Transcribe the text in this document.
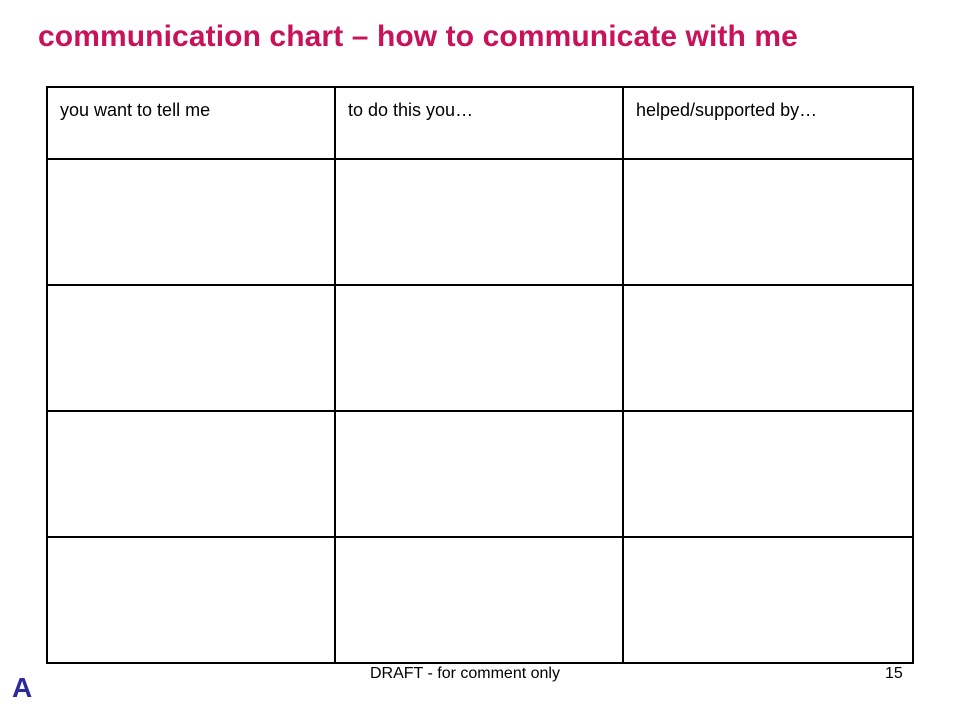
communication chart – how to communicate with me
you want to tell me	to do this you…	helped/supported by…

DRAFT - for comment only	15
A
